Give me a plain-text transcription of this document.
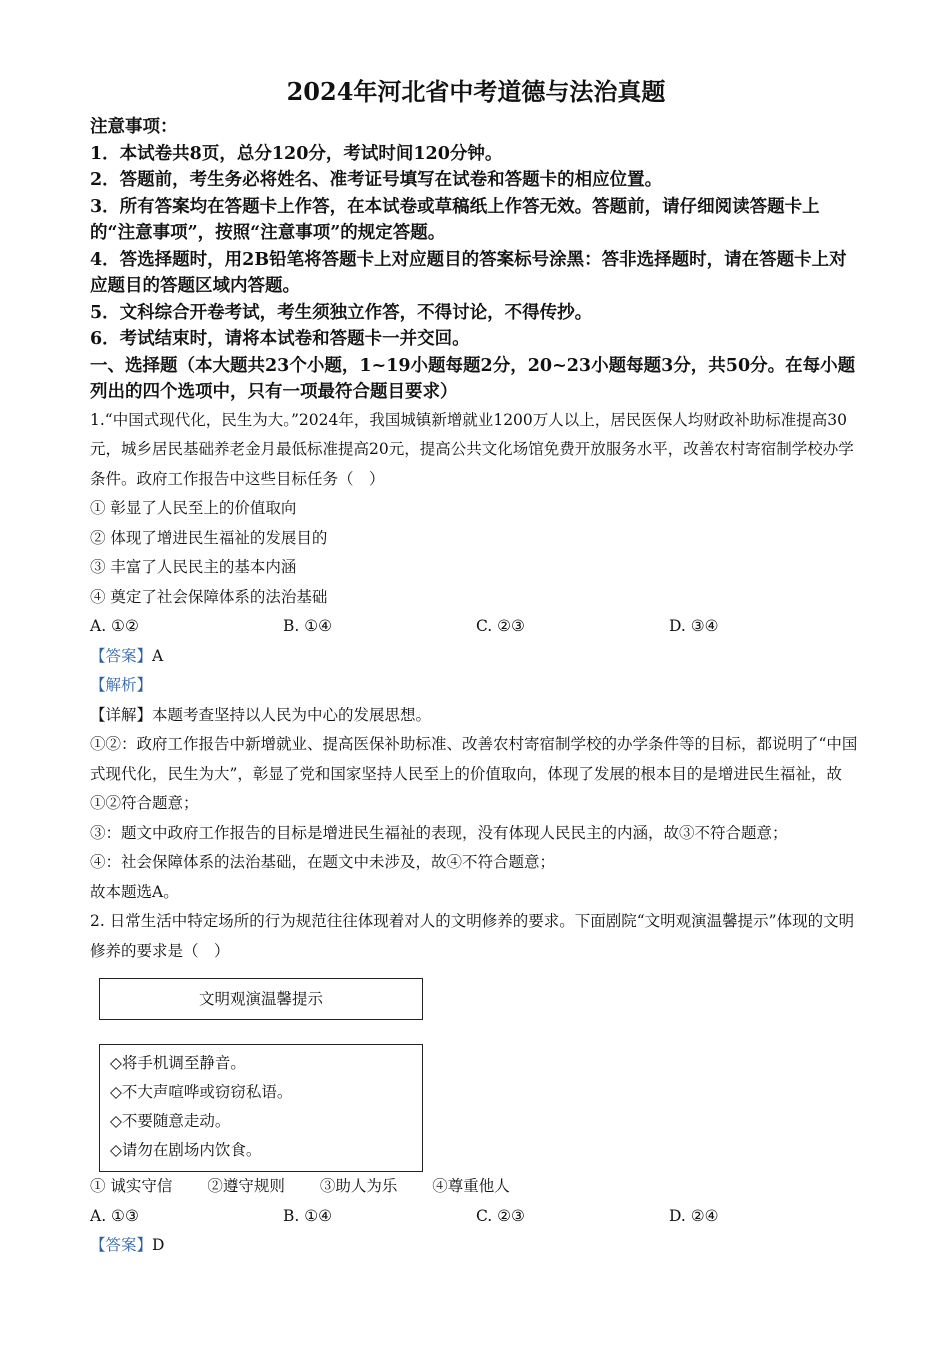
2024年河北省中考道德与法治真题
注意事项：
1．本试卷共8页，总分120分，考试时间120分钟。
2．答题前，考生务必将姓名、准考证号填写在试卷和答题卡的相应位置。
3．所有答案均在答题卡上作答，在本试卷或草稿纸上作答无效。答题前，请仔细阅读答题卡上的“注意事项”，按照“注意事项”的规定答题。
4．答选择题时，用2B铅笔将答题卡上对应题目的答案标号涂黑：答非选择题时，请在答题卡上对应题目的答题区域内答题。
5．文科综合开卷考试，考生须独立作答，不得讨论，不得传抄。
6．考试结束时，请将本试卷和答题卡一并交回。
一、选择题（本大题共23个小题，1~19小题每题2分，20~23小题每题3分，共50分。在每小题列出的四个选项中，只有一项最符合题目要求）
1.“中国式现代化，民生为大。”2024年，我国城镇新增就业1200万人以上，居民医保人均财政补助标准提高30元，城乡居民基础养老金月最低标准提高20元，提高公共文化场馆免费开放服务水平，改善农村寄宿制学校办学条件。政府工作报告中这些目标任务（　）
① 彰显了人民至上的价值取向
② 体现了增进民生福祉的发展目的
③ 丰富了人民民主的基本内涵
④ 奠定了社会保障体系的法治基础
A. ①②	B. ①④	C. ②③	D. ③④
【答案】A
【解析】
【详解】本题考查坚持以人民为中心的发展思想。
①②：政府工作报告中新增就业、提高医保补助标准、改善农村寄宿制学校的办学条件等的目标，都说明了“中国式现代化，民生为大”，彰显了党和国家坚持人民至上的价值取向，体现了发展的根本目的是增进民生福祉，故①②符合题意；
③：题文中政府工作报告的目标是增进民生福祉的表现，没有体现人民民主的内涵，故③不符合题意；
④：社会保障体系的法治基础，在题文中未涉及，故④不符合题意；
故本题选A。
2. 日常生活中特定场所的行为规范往往体现着对人的文明修养的要求。下面剧院“文明观演温馨提示”体现的文明修养的要求是（　）
文明观演温馨提示
◇将手机调至静音。
◇不大声喧哗或窃窃私语。
◇不要随意走动。
◇请勿在剧场内饮食。
① 诚实守信 ②遵守规则 ③助人为乐 ④尊重他人
A. ①③	B. ①④	C. ②③	D. ②④
【答案】D
